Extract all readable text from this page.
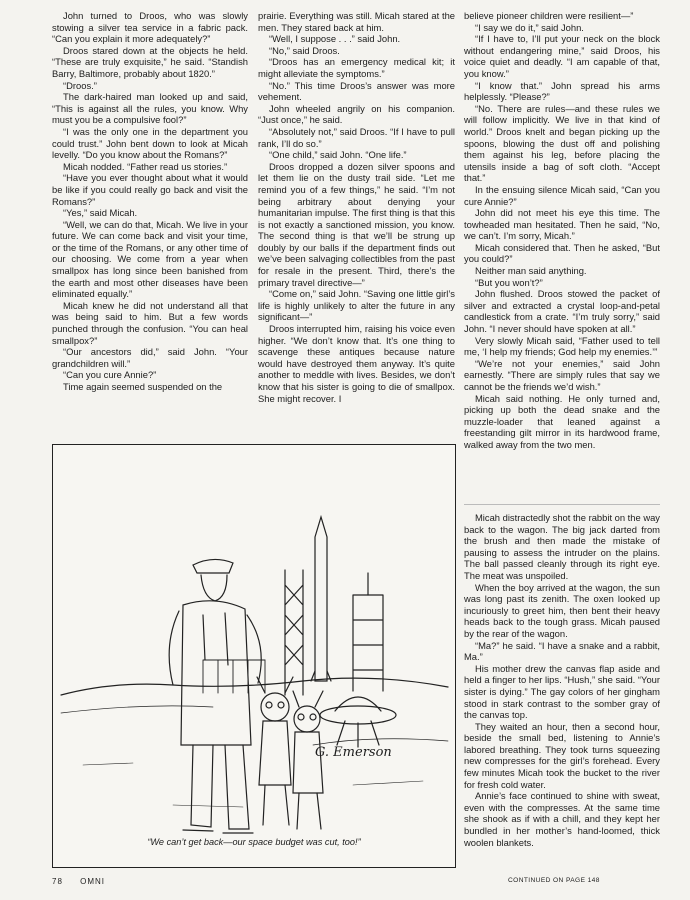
John turned to Droos, who was slowly stowing a silver tea service in a fabric pack. “Can you explain it more adequately?”

Droos stared down at the objects he held. “These are truly exquisite,” he said. “Standish Barry, Baltimore, probably about 1820.”

“Droos.”

The dark-haired man looked up and said, “This is against all the rules, you know. Why must you be a compulsive fool?”

“I was the only one in the department you could trust.” John bent down to look at Micah levelly. “Do you know about the Romans?”

Micah nodded. “Father read us stories.”

“Have you ever thought about what it would be like if you could really go back and visit the Romans?”

“Yes,” said Micah.

“Well, we can do that, Micah. We live in your future. We can come back and visit your time, or the time of the Romans, or any other time of our choosing. We come from a year when smallpox has long since been banished from the earth and most other diseases have been eliminated equally.”

Micah knew he did not understand all that was being said to him. But a few words punched through the confusion. “You can heal smallpox?”

“Our ancestors did,” said John. “Your grandchildren will.”

“Can you cure Annie?”

Time again seemed suspended on the

prairie. Everything was still. Micah stared at the men. They stared back at him.

“Well, I suppose . . .” said John.

“No,” said Droos.

“Droos has an emergency medical kit; it might alleviate the symptoms.”

“No.” This time Droos’s answer was more vehement.

John wheeled angrily on his companion. “Just once,” he said.

“Absolutely not,” said Droos. “If I have to pull rank, I’ll do so.”

“One child,” said John. “One life.”

Droos dropped a dozen silver spoons and let them lie on the dusty trail side. “Let me remind you of a few things,” he said. “I’m not being arbitrary about denying your humanitarian impulse. The first thing is that this is not exactly a sanctioned mission, you know. The second thing is that we’ll be strung up doubly by our balls if the department finds out we’ve been salvaging collectibles from the past for resale in the present. Third, there’s the primary travel directive—”

“Come on,” said John. “Saving one little girl’s life is highly unlikely to alter the future in any significant—”

Droos interrupted him, raising his voice even higher. “We don’t know that. It’s one thing to scavenge these antiques because nature would have destroyed them anyway. It’s quite another to meddle with lives. Besides, we don’t know that his sister is going to die of smallpox. She might recover. I

believe pioneer children were resilient—”

“I say we do it,” said John.

“If I have to, I’ll put your neck on the block without endangering mine,” said Droos, his voice quiet and deadly. “I am capable of that, you know.”

“I know that.” John spread his arms helplessly. “Please?”

“No. There are rules—and these rules we will follow implicitly. We live in that kind of world.” Droos knelt and began picking up the spoons, blowing the dust off and polishing them against his leg, before placing the utensils inside a bag of soft cloth. “Accept that.”

In the ensuing silence Micah said, “Can you cure Annie?”

John did not meet his eye this time. The towheaded man hesitated. Then he said, “No, we can’t. I’m sorry, Micah.”

Micah considered that. Then he asked, “But you could?”

Neither man said anything.

“But you won’t?”

John flushed. Droos stowed the packet of silver and extracted a crystal loop-and-petal candlestick from a crate. “I’m truly sorry,” said John. “I never should have spoken at all.”

Very slowly Micah said, “Father used to tell me, ‘I help my friends; God help my enemies.’”

“We’re not your enemies,” said John earnestly. “There are simply rules that say we cannot be the friends we’d wish.”

Micah said nothing. He only turned and, picking up both the dead snake and the muzzle-loader that leaned against a freestanding gilt mirror in its hardwood frame, walked away from the two men.

Micah distractedly shot the rabbit on the way back to the wagon. The big jack darted from the brush and then made the mistake of pausing to assess the intruder on the plains. The ball passed cleanly through its right eye. The meat was unspoiled.

When the boy arrived at the wagon, the sun was long past its zenith. The oxen looked up incuriously to greet him, then bent their heavy heads back to the tough grass. Micah paused by the rear of the wagon.

“Ma?” he said. “I have a snake and a rabbit, Ma.”

His mother drew the canvas flap aside and held a finger to her lips. “Hush,” she said. “Your sister is dying.” The gay colors of her gingham stood in stark contrast to the somber gray of the canvas top.

They waited an hour, then a second hour, beside the small bed, listening to Annie’s labored breathing. They took turns squeezing new compresses for the girl’s forehead. Every few minutes Micah took the bucket to the river for fresh cold water.

Annie’s face continued to shine with sweat, even with the compresses. At the same time she shook as if with a chill, and they kept her bundled in her mother’s hand-loomed, thick woolen blankets.

G. Emerson
“We can’t get back—our space budget was cut, too!”
78 OMNI	CONTINUED ON PAGE 148
